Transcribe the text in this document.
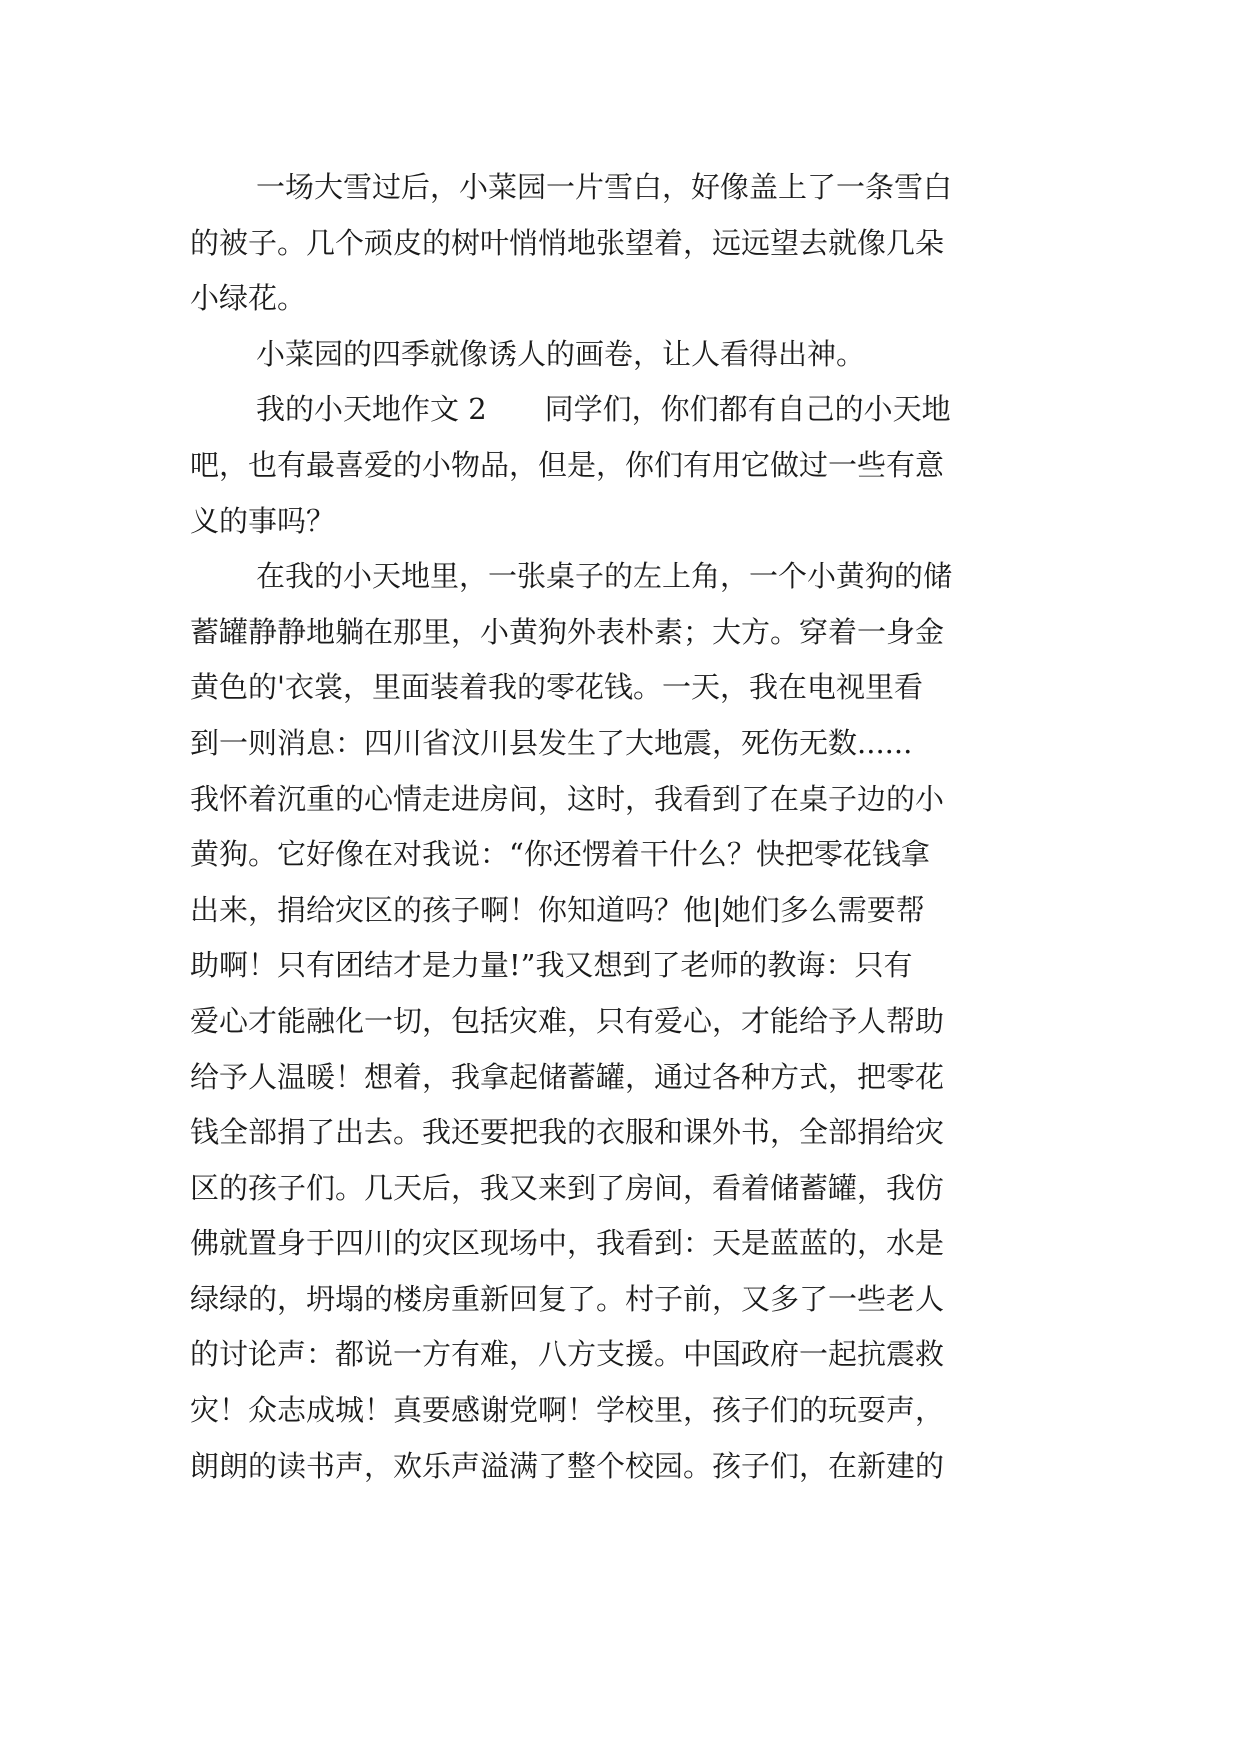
一场大雪过后，小菜园一片雪白，好像盖上了一条雪白
的被子。几个顽皮的树叶悄悄地张望着，远远望去就像几朵
小绿花。
小菜园的四季就像诱人的画卷，让人看得出神。
我的小天地作文 2　　同学们，你们都有自己的小天地
吧，也有最喜爱的小物品，但是，你们有用它做过一些有意
义的事吗？
在我的小天地里，一张桌子的左上角，一个小黄狗的储
蓄罐静静地躺在那里，小黄狗外表朴素；大方。穿着一身金
黄色的'衣裳，里面装着我的零花钱。一天，我在电视里看
到一则消息：四川省汶川县发生了大地震，死伤无数......
我怀着沉重的心情走进房间，这时，我看到了在桌子边的小
黄狗。它好像在对我说：“你还愣着干什么？快把零花钱拿
出来，捐给灾区的孩子啊！你知道吗？他|她们多么需要帮
助啊！只有团结才是力量!”我又想到了老师的教诲：只有
爱心才能融化一切，包括灾难，只有爱心，才能给予人帮助
给予人温暖！想着，我拿起储蓄罐，通过各种方式，把零花
钱全部捐了出去。我还要把我的衣服和课外书，全部捐给灾
区的孩子们。几天后，我又来到了房间，看着储蓄罐，我仿
佛就置身于四川的灾区现场中，我看到：天是蓝蓝的，水是
绿绿的，坍塌的楼房重新回复了。村子前，又多了一些老人
的讨论声：都说一方有难，八方支援。中国政府一起抗震救
灾！众志成城！真要感谢党啊！学校里，孩子们的玩耍声，
朗朗的读书声，欢乐声溢满了整个校园。孩子们，在新建的
